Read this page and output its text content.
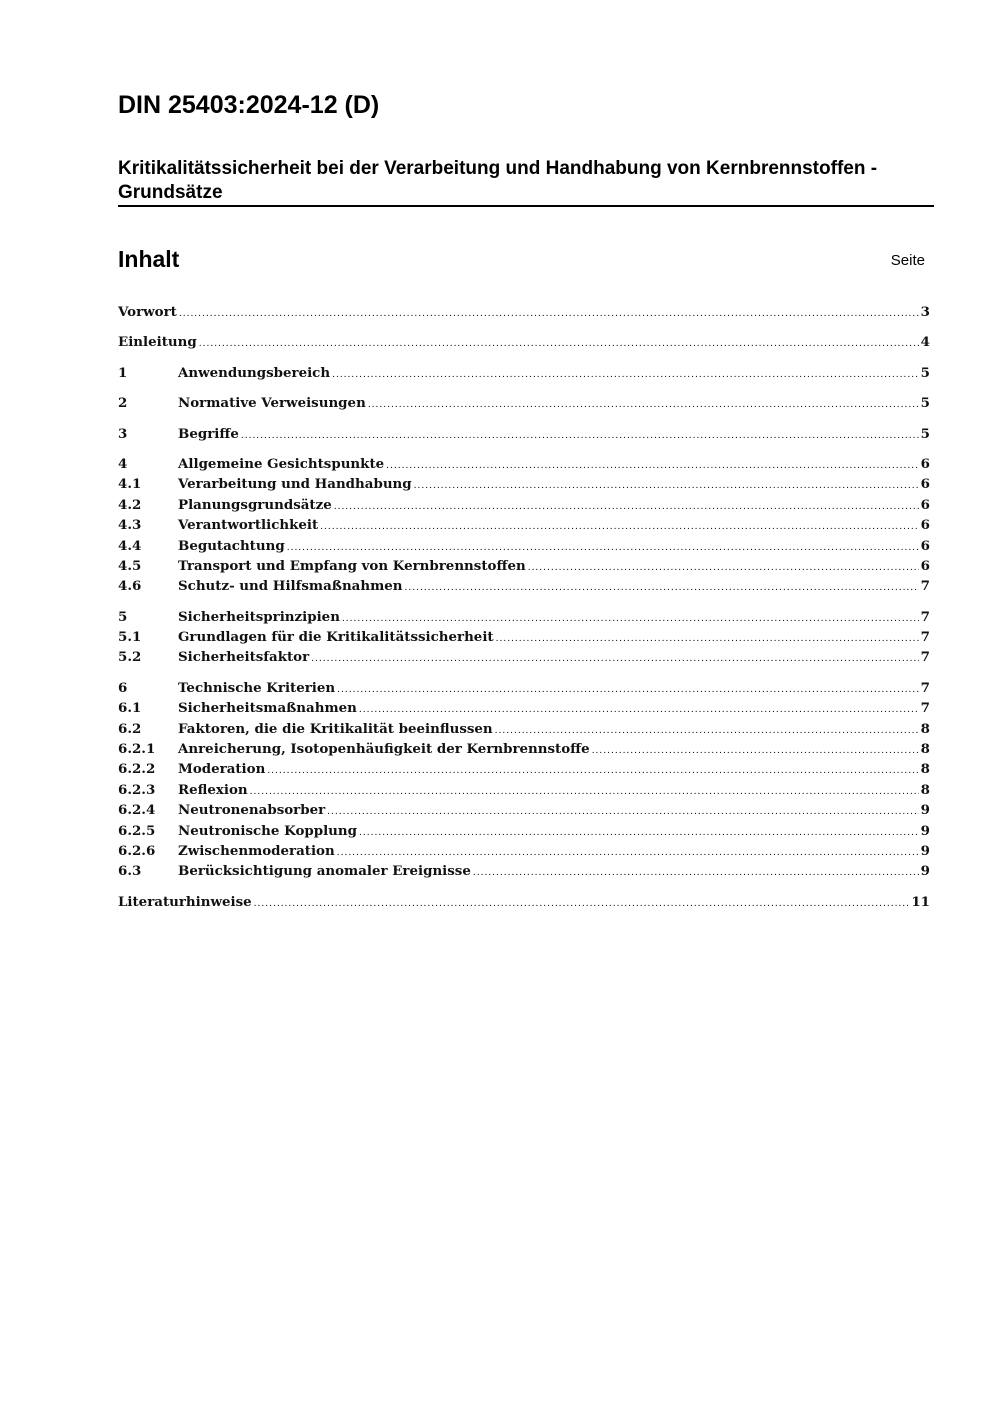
DIN 25403:2024-12 (D)
Kritikalitätssicherheit bei der Verarbeitung und Handhabung von Kernbrennstoffen - Grundsätze
Inhalt	Seite
Vorwort .....	3
Einleitung .....	4
1	Anwendungsbereich .....	5
2	Normative Verweisungen .....	5
3	Begriffe .....	5
4	Allgemeine Gesichtspunkte .....	6
4.1	Verarbeitung und Handhabung .....	6
4.2	Planungsgrundsätze .....	6
4.3	Verantwortlichkeit .....	6
4.4	Begutachtung .....	6
4.5	Transport und Empfang von Kernbrennstoffen .....	6
4.6	Schutz- und Hilfsmaßnahmen .....	7
5	Sicherheitsprinzipien .....	7
5.1	Grundlagen für die Kritikalitätssicherheit .....	7
5.2	Sicherheitsfaktor .....	7
6	Technische Kriterien .....	7
6.1	Sicherheitsmaßnahmen .....	7
6.2	Faktoren, die die Kritikalität beeinflussen .....	8
6.2.1	Anreicherung, Isotopenhäufigkeit der Kernbrennstoffe .....	8
6.2.2	Moderation .....	8
6.2.3	Reflexion .....	8
6.2.4	Neutronenabsorber .....	9
6.2.5	Neutronische Kopplung .....	9
6.2.6	Zwischenmoderation .....	9
6.3	Berücksichtigung anomaler Ereignisse .....	9
Literaturhinweise .....	11
